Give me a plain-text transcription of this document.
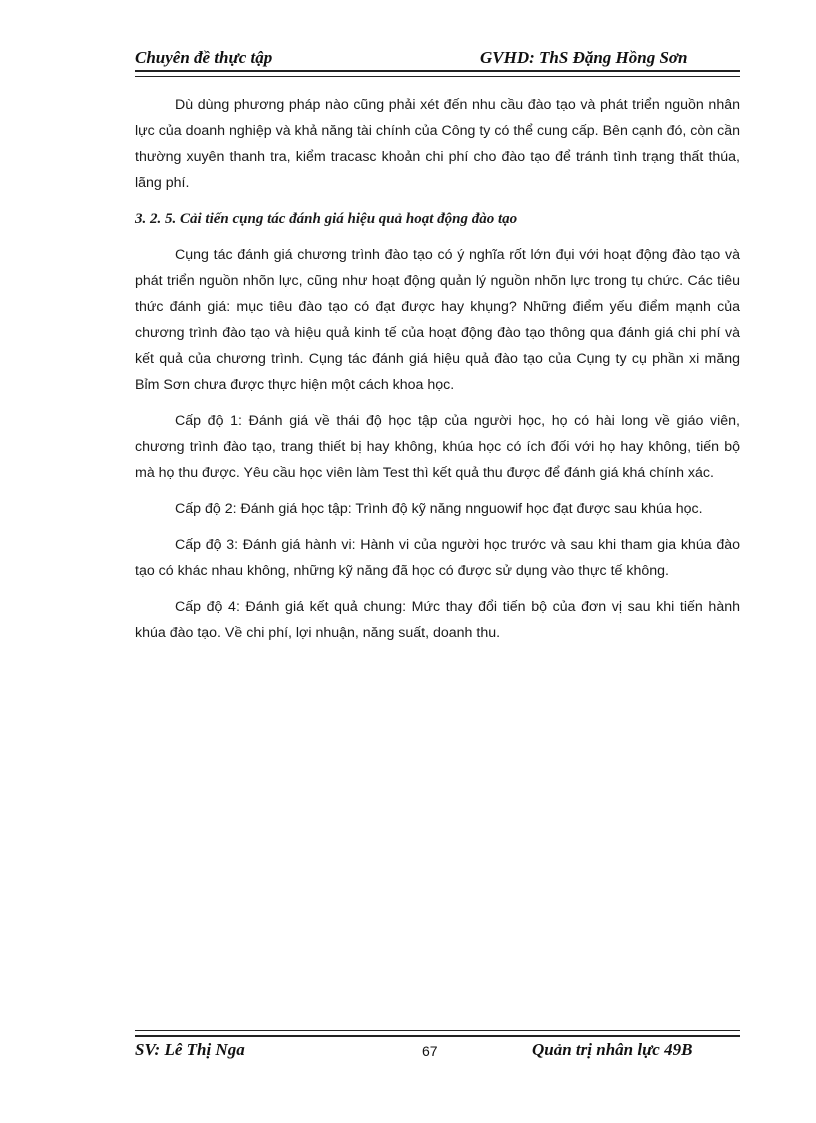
Chuyên đề thực tập	GVHD: ThS Đặng Hồng Sơn

Dù dùng phương pháp nào cũng phải xét đến nhu cầu đào tạo và phát triển nguồn nhân lực của doanh nghiệp và khả năng tài chính của Công ty có thể cung cấp. Bên cạnh đó, còn cần thường xuyên thanh tra, kiểm tracasc khoản chi phí cho đào tạo để tránh tình trạng thất thúa, lãng phí.

3. 2. 5. Cải tiến cụng tác đánh giá hiệu quả hoạt động đào tạo

Cụng tác đánh giá chương trình đào tạo có ý nghĩa rốt lớn đụi với hoạt động đào tạo và phát triển nguồn nhõn lực, cũng như hoạt động quản lý nguồn nhõn lực trong tụ chức. Các tiêu thức đánh giá: mục tiêu đào tạo có đạt được hay khụng? Những điểm yếu điểm mạnh của chương trình đào tạo và hiệu quả kinh tế của hoạt động đào tạo thông qua đánh giá chi phí và kết quả của chương trình. Cụng tác đánh giá hiệu quả đào tạo của Cụng ty cụ phần xi măng Bỉm Sơn chưa được thực hiện một cách khoa học.

Cấp độ 1: Đánh giá về thái độ học tập của người học, họ có hài long về giáo viên, chương trình đào tạo, trang thiết bị hay không, khúa học có ích đối với họ hay không, tiến bộ mà họ thu được. Yêu cầu học viên làm Test thì kết quả thu được để đánh giá khá chính xác.

Cấp độ 2: Đánh giá học tập: Trình độ kỹ năng nnguowif học đạt được sau khúa học.

Cấp độ 3: Đánh giá hành vi: Hành vi của người học trước và sau khi tham gia khúa đào tạo có khác nhau không, những kỹ năng đã học có được sử dụng vào thực tế không.

Cấp độ 4: Đánh giá kết quả chung: Mức thay đổi tiến bộ của đơn vị sau khi tiến hành khúa đào tạo. Về chi phí, lợi nhuận, năng suất, doanh thu.

SV: Lê Thị Nga	67	Quản trị nhân lực 49B
